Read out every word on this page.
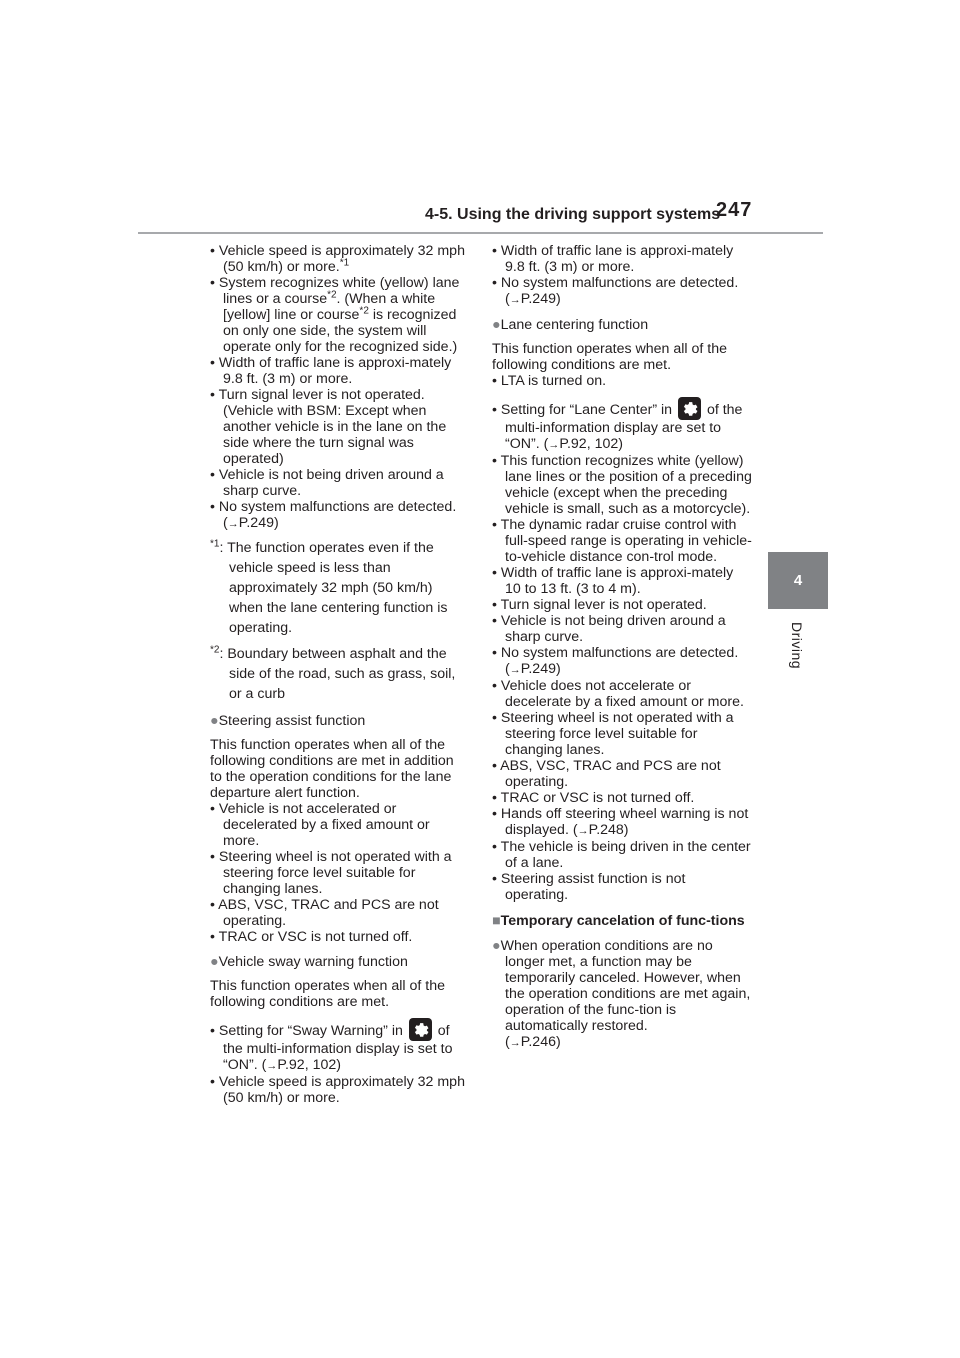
4-5. Using the driving support systems
247
4
Driving
• Vehicle speed is approximately 32 mph (50 km/h) or more.$^{*1}$
• System recognizes white (yellow) lane lines or a course$^{*2}$. (When a white [yellow] line or course$^{*2}$ is recognized on only one side, the system will operate only for the recognized side.)
• Width of traffic lane is approxi-mately 9.8 ft. (3 m) or more.
• Turn signal lever is not operated. (Vehicle with BSM: Except when another vehicle is in the lane on the side where the turn signal was operated)
• Vehicle is not being driven around a sharp curve.
• No system malfunctions are detected. (→P.249)
$^{*1}$: The function operates even if the vehicle speed is less than approximately 32 mph (50 km/h) when the lane centering function is operating.
$^{*2}$: Boundary between asphalt and the side of the road, such as grass, soil, or a curb
●Steering assist function
This function operates when all of the following conditions are met in addition to the operation conditions for the lane departure alert function.
• Vehicle is not accelerated or decelerated by a fixed amount or more.
• Steering wheel is not operated with a steering force level suitable for changing lanes.
• ABS, VSC, TRAC and PCS are not operating.
• TRAC or VSC is not turned off.
●Vehicle sway warning function
This function operates when all of the following conditions are met.
• Setting for “Sway Warning” in
of the multi-information display is set to “ON”. (→P.92, 102)
• Vehicle speed is approximately 32 mph (50 km/h) or more.
• Width of traffic lane is approxi-mately 9.8 ft. (3 m) or more.
• No system malfunctions are detected. (→P.249)
●Lane centering function
This function operates when all of the following conditions are met.
• LTA is turned on.
• Setting for “Lane Center” in
of the multi-information display are set to “ON”. (→P.92, 102)
• This function recognizes white (yellow) lane lines or the position of a preceding vehicle (except when the preceding vehicle is small, such as a motorcycle).
• The dynamic radar cruise control with full-speed range is operating in vehicle-to-vehicle distance con-trol mode.
• Width of traffic lane is approxi-mately 10 to 13 ft. (3 to 4 m).
• Turn signal lever is not operated.
• Vehicle is not being driven around a sharp curve.
• No system malfunctions are detected. (→P.249)
• Vehicle does not accelerate or decelerate by a fixed amount or more.
• Steering wheel is not operated with a steering force level suitable for changing lanes.
• ABS, VSC, TRAC and PCS are not operating.
• TRAC or VSC is not turned off.
• Hands off steering wheel warning is not displayed. (→P.248)
• The vehicle is being driven in the center of a lane.
• Steering assist function is not operating.
■Temporary cancelation of func-tions
●When operation conditions are no longer met, a function may be temporarily canceled. However, when the operation conditions are met again, operation of the func-tion is automatically restored.
(→P.246)
